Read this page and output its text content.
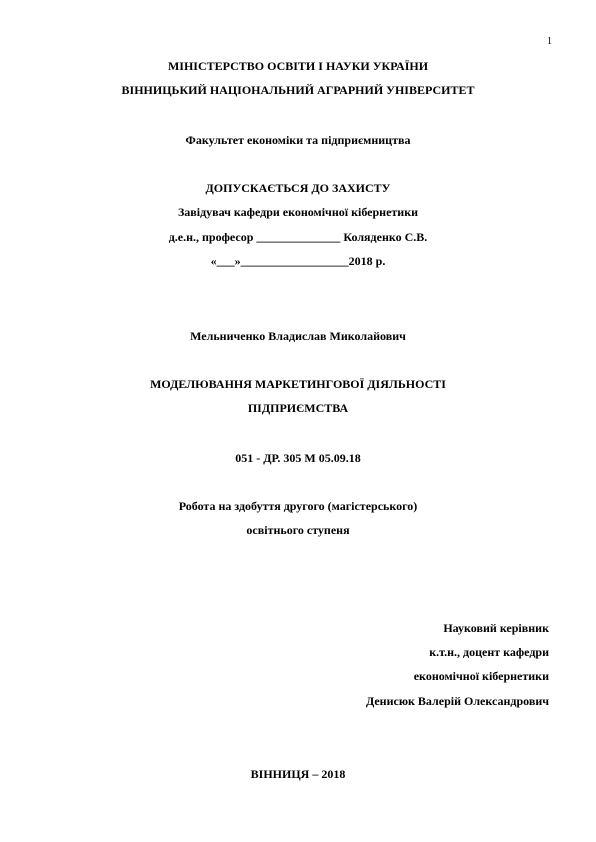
1
МІНІСТЕРСТВО ОСВІТИ І НАУКИ УКРАЇНИ
ВІННИЦЬКИЙ НАЦІОНАЛЬНИЙ АГРАРНИЙ УНІВЕРСИТЕТ
Факультет економіки та підприємництва
ДОПУСКАЄТЬСЯ ДО ЗАХИСТУ
Завідувач кафедри економічної кібернетики
д.е.н., професор ______________ Коляденко С.В.
«___»__________________2018 р.
Мельниченко Владислав Миколайович
МОДЕЛЮВАННЯ МАРКЕТИНГОВОЇ ДІЯЛЬНОСТІ
ПІДПРИЄМСТВА
051 - ДР. 305 М 05.09.18
Робота на здобуття другого (магістерського)
освітнього ступеня
Науковий керівник
к.т.н., доцент кафедри
економічної кібернетики
Денисюк Валерій Олександрович
ВІННИЦЯ – 2018
